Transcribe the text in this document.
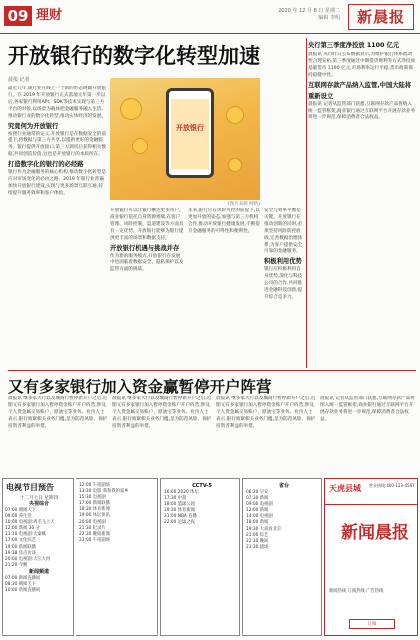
09 理财	2020 年 12 月 8 日 星期二
编辑 李明	新晨报
开放银行的数字化转型加速
晨报 记者

最近几年,银行业在线上一个新的形态叫做开放银行。在 2019 年开放银行正式落地元年第一步以后,各家银行利用API、SDK等技术实现与第三方平台的对接,以场景为载体把金融服务融入生活,推动银行业的数字化转型,推动实体经济的发展。

究竟何为开放银行

按照行业通常的定义,开放银行是在数据安全的前提下,将数据与第三方共享,以提供更好的金融服务。银行提供开放接口,第三方调用后获得相关数据,共同创造价值,这也是开放银行的本质所在。

打造数字化的银行的必经路

银行作为金融服务的核心机构,推动数字化转型是应对市场变化的必由之路。2019 年银行业普遍加快开放银行建设,实现与更多场景互联互通,持续提升服务效率和客户体验。

开放银行
(图片来源 网络)

开放银行可以让银行触达更多用户。商业银行依托自身资源禀赋,在客户管理、风险控制、渠道建设等方面具有一定优势。开放银行能够为银行提供更丰富的场景和数据支持。

开放银行机遇与挑战并存

作为新的服务模式,开放银行在发展中也面临着数据安全、隐私保护以及监管方面的挑战。

未来,银行应在风险可控的前提下,以更加开放的姿态,加强与第三方机构合作,推动开放银行健康发展,不断提升金融服务的可得性和便利性。

安全与效率平衡是关键。开放银行在推动创新的同时,必须坚持风险防控底线,完善数据治理体系,为客户提供安全可靠的金融服务。

积极利用优势

银行应积极利用自身优势,深化与科技公司的合作,共同推进金融科技创新,提升综合竞争力。

央行第三季度净投放 1100 亿元

晨报讯 央行昨日公布数据显示,为维护银行体系流动性合理充裕,第三季度通过中期借贷便利等方式净投放基础货币 1100 亿元,市场利率运行平稳,货币政策保持稳健中性。

互联网存款产品纳入监管,中国大陆将重新设立

晨报讯 记者从监管部门获悉,互联网存款产品将纳入统一监管框架,商业银行通过互联网平台开展存款业务将进一步规范,保障消费者合法权益。

又有多家银行加入资金赢暂停开户阵营

晨报讯 继多家大行以及城商行暂停新开户之后,近期又有多家银行加入暂停资金账户开户阵营,涉及个人贵金属交易账户、原油宝等业务。业内人士表示,银行收紧相关业务门槛,是为防范风险、保护投资者利益的举措。

晨报讯 继多家大行以及城商行暂停新开户之后,近期又有多家银行加入暂停资金账户开户阵营,涉及个人贵金属交易账户、原油宝等业务。业内人士表示,银行收紧相关业务门槛,是为防范风险、保护投资者利益的举措。

晨报讯 继多家大行以及城商行暂停新开户之后,近期又有多家银行加入暂停资金账户开户阵营,涉及个人贵金属交易账户、原油宝等业务。业内人士表示,银行收紧相关业务门槛,是为防范风险、保护投资者利益的举措。

晨报讯 记者从监管部门获悉,互联网存款产品将纳入统一监管框架,商业银行通过互联网平台开展存款业务将进一步规范,保障消费者合法权益。

电视节目预告
十二月七日 星期四
央视综合
07:00 朝闻天下
09:00 养生堂
10:00 电视剧:鸡毛飞上天
12:00 新闻 30 分
13:10 电视剧:大秦赋
17:00 文化综艺
19:00 新闻联播
19:38 焦点访谈
20:00 电视剧:大江大河
21:20 今晚
新闻频道
07:00 新闻直播间
08:30 朝闻天下
10:00 新闻直播间
12:00 午夜剧场
13:30 电影:我和我的家乡
15:30 电视剧
17:00 新闻联播
18:30 体育新闻
19:00 体坛快讯
20:00 电视剧
21:30 纪录片
22:30 晚间新闻
23:00 午夜剧场
CCTV-5
16:00 2020 体坛
17:30 中超
18:00 篮球公园
19:30 体育新闻
21:00 NBA 直播
22:00 足球之夜
省台
06:20 早安
07:30 新闻
09:00 电视剧
12:00 新闻
14:00 电视剧
18:00 新闻
19:30 大戏看北京
21:00 综艺
22:30 晚间
23:30 剧场
天虎县城 营业热线:400-123-4567
新闻晨报
新闻热线 订阅热线 广告热线
订阅
